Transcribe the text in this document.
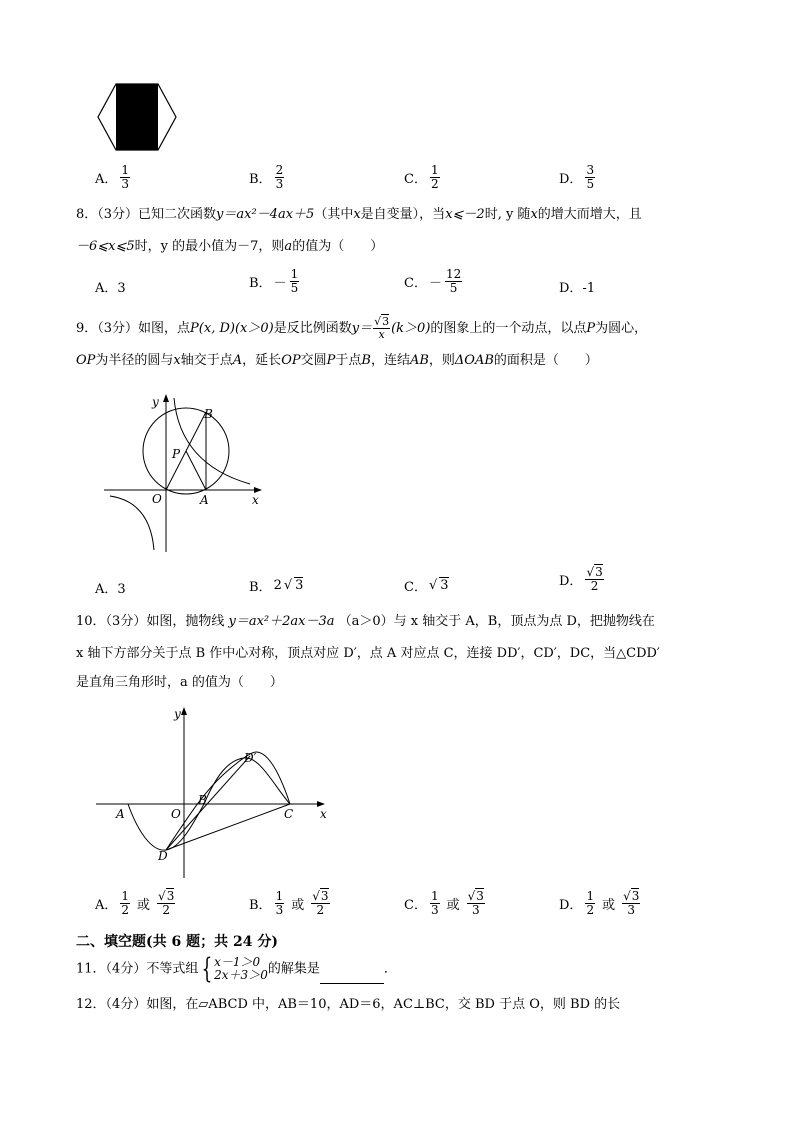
A． $\frac{1}{3}$	B． $\frac{2}{3}$	C． $\frac{1}{2}$	D． $\frac{3}{5}$
8．（3分）已知二次函数y＝ax²－4ax＋5（其中x是自变量），当x⩽－2时, y 随x的增大而增大，且
－6⩽x⩽5时，y 的最小值为－7，则a的值为（　　）
A．3	B． － $\frac{1}{5}$	C． － $\frac{12}{5}$	D．-1
9．（3分）如图，点P(x, D)(x＞0)是反比例函数$y= \frac{√3}{x} (k>0)$的图象上的一个动点，以点P为圆心，
OP为半径的圆与x轴交于点A，延长OP交圆P于点B，连结AB，则ΔOAB的面积是（　　）
y
x
O
P
A
B
A．3	B． 2 √ 3	C． √ 3	D． $\frac{√3}{2}$
10．（3分）如图，抛物线 y＝ax²＋2ax－3a （a＞0）与 x 轴交于 A，B，顶点为点 D，把抛物线在
x 轴下方部分关于点 B 作中心对称，顶点对应 D′，点 A 对应点 C，连接 DD′，CD′，DC，当△CDD′
是直角三角形时，a 的值为（　　）
y
x
A	O
B
C
D
D′
A． $\frac{1}{2}$ 或 $\frac{√3}{2}$	B． $\frac{1}{3}$ 或 $\frac{√3}{2}$	C． $\frac{1}{3}$ 或 $\frac{√3}{3}$	D． $\frac{1}{2}$ 或 $\frac{√3}{3}$
二、填空题(共 6 题；共 24 分)
11．（4分）不等式组 { x－1＞0
2x＋3＞0 的解集是	．
12．（4分）如图，在▱ABCD 中，AB＝10，AD＝6，AC⊥BC，交 BD 于点 O，则 BD 的长
